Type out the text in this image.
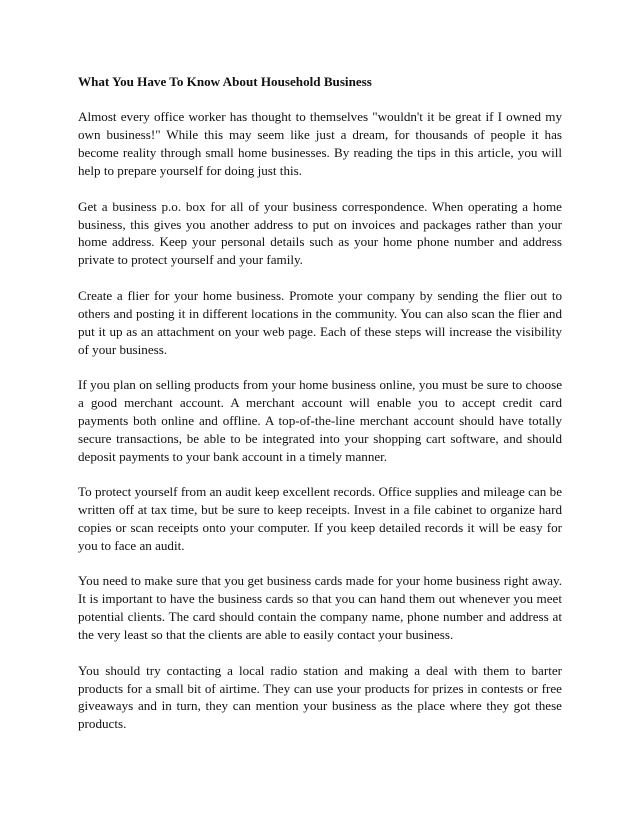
What You Have To Know About Household Business

Almost every office worker has thought to themselves "wouldn't it be great if I owned my own business!" While this may seem like just a dream, for thousands of people it has become reality through small home businesses. By reading the tips in this article, you will help to prepare yourself for doing just this.

Get a business p.o. box for all of your business correspondence. When operating a home business, this gives you another address to put on invoices and packages rather than your home address. Keep your personal details such as your home phone number and address private to protect yourself and your family.

Create a flier for your home business. Promote your company by sending the flier out to others and posting it in different locations in the community. You can also scan the flier and put it up as an attachment on your web page. Each of these steps will increase the visibility of your business.

If you plan on selling products from your home business online, you must be sure to choose a good merchant account. A merchant account will enable you to accept credit card payments both online and offline. A top-of-the-line merchant account should have totally secure transactions, be able to be integrated into your shopping cart software, and should deposit payments to your bank account in a timely manner.

To protect yourself from an audit keep excellent records. Office supplies and mileage can be written off at tax time, but be sure to keep receipts. Invest in a file cabinet to organize hard copies or scan receipts onto your computer. If you keep detailed records it will be easy for you to face an audit.

You need to make sure that you get business cards made for your home business right away. It is important to have the business cards so that you can hand them out whenever you meet potential clients. The card should contain the company name, phone number and address at the very least so that the clients are able to easily contact your business.

You should try contacting a local radio station and making a deal with them to barter products for a small bit of airtime. They can use your products for prizes in contests or free giveaways and in turn, they can mention your business as the place where they got these products.
